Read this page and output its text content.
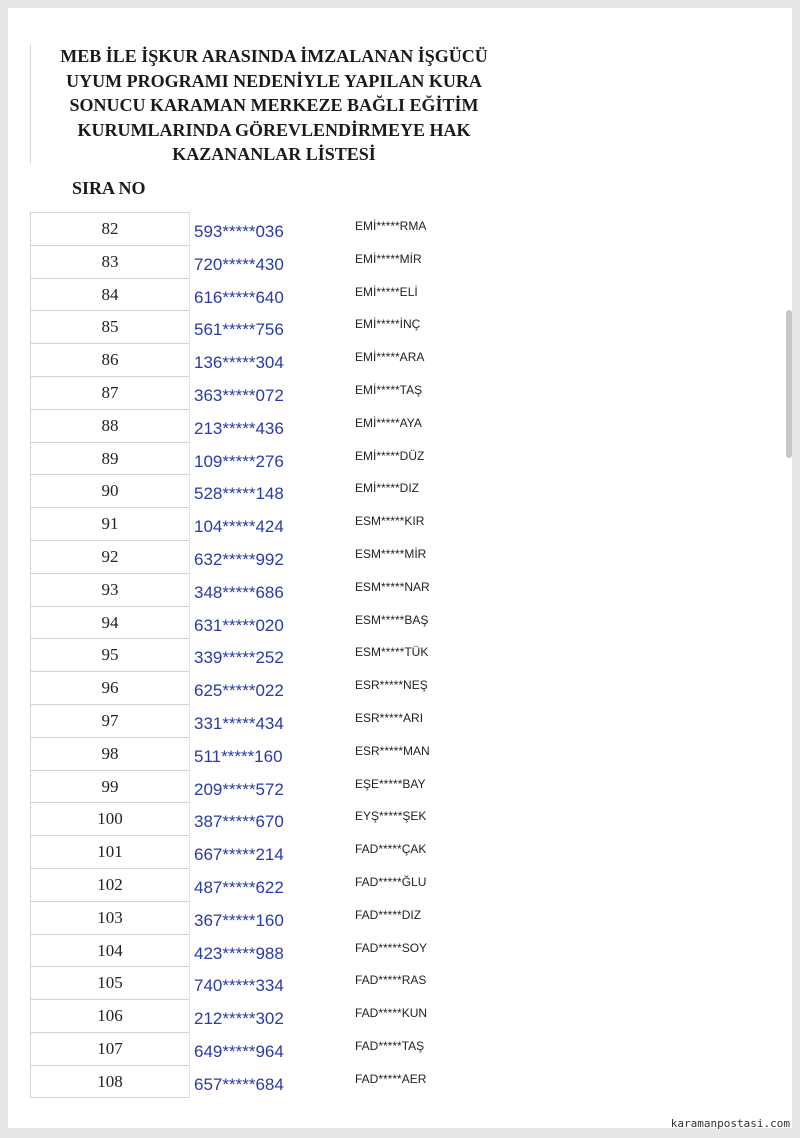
MEB İLE İŞKUR ARASINDA İMZALANAN İŞGÜCÜ
UYUM PROGRAMI NEDENİYLE YAPILAN KURA
SONUCU KARAMAN MERKEZE BAĞLI EĞİTİM
KURUMLARINDA GÖREVLENDİRMEYE HAK
KAZANANLAR LİSTESİ
SIRA NO
82	593*****036	EMİ*****RMA
83	720*****430	EMİ*****MİR
84	616*****640	EMİ*****ELİ
85	561*****756	EMİ*****İNÇ
86	136*****304	EMİ*****ARA
87	363*****072	EMİ*****TAŞ
88	213*****436	EMİ*****AYA
89	109*****276	EMİ*****DÜZ
90	528*****148	EMİ*****DIZ
91	104*****424	ESM*****KIR
92	632*****992	ESM*****MİR
93	348*****686	ESM*****NAR
94	631*****020	ESM*****BAŞ
95	339*****252	ESM*****TÜK
96	625*****022	ESR*****NEŞ
97	331*****434	ESR*****ARI
98	511*****160	ESR*****MAN
99	209*****572	EŞE*****BAY
100	387*****670	EYŞ*****ŞEK
101	667*****214	FAD*****ÇAK
102	487*****622	FAD*****ĞLU
103	367*****160	FAD*****DIZ
104	423*****988	FAD*****SOY
105	740*****334	FAD*****RAS
106	212*****302	FAD*****KUN
107	649*****964	FAD*****TAŞ
108	657*****684	FAD*****AER
karamanpostasi.com
